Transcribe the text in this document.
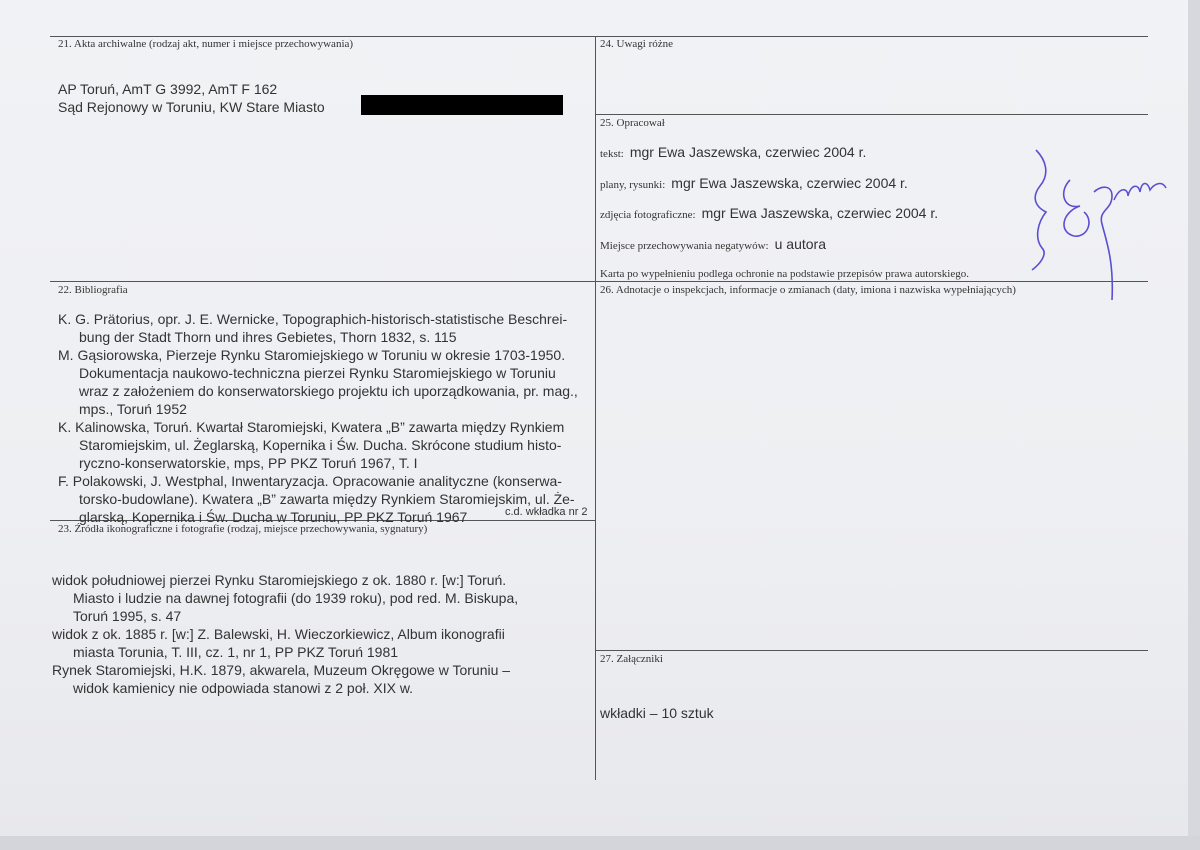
21. Akta archiwalne (rodzaj akt, numer i miejsce przechowywania)
AP Toruń, AmT G 3992, AmT F 162
Sąd Rejonowy w Toruniu, KW Stare Miasto
24. Uwagi różne
25. Opracował
tekst: mgr Ewa Jaszewska, czerwiec 2004 r.
plany, rysunki: mgr Ewa Jaszewska, czerwiec 2004 r.
zdjęcia fotograficzne: mgr Ewa Jaszewska, czerwiec 2004 r.
Miejsce przechowywania negatywów: u autora
Karta po wypełnieniu podlega ochronie na podstawie przepisów prawa autorskiego.
22. Bibliografia

K. G. Prätorius, opr. J. E. Wernicke, Topographich-historisch-statistische Beschrei-
bung der Stadt Thorn und ihres Gebietes, Thorn 1832, s. 115

M. Gąsiorowska, Pierzeje Rynku Staromiejskiego w Toruniu w okresie 1703-1950.
Dokumentacja naukowo-techniczna pierzei Rynku Staromiejskiego w Toruniu
wraz z założeniem do konserwatorskiego projektu ich uporządkowania, pr. mag.,
mps., Toruń 1952

K. Kalinowska, Toruń. Kwartał Staromiejski, Kwatera „B” zawarta między Rynkiem
Staromiejskim, ul. Żeglarską, Kopernika i Św. Ducha. Skrócone studium histo-
ryczno-konserwatorskie, mps, PP PKZ Toruń 1967, T. I

F. Polakowski, J. Westphal, Inwentaryzacja. Opracowanie analityczne (konserwa-
torsko-budowlane). Kwatera „B” zawarta między Rynkiem Staromiejskim, ul. Że-
glarską, Kopernika i Św. Ducha w Toruniu, PP PKZ Toruń 1967	c.d. wkładka nr 2
26. Adnotacje o inspekcjach, informacje o zmianach (daty, imiona i nazwiska wypełniających)
23. Źródła ikonograficzne i fotografie (rodzaj, miejsce przechowywania, sygnatury)

widok południowej pierzei Rynku Staromiejskiego z ok. 1880 r. [w:] Toruń.
Miasto i ludzie na dawnej fotografii (do 1939 roku), pod red. M. Biskupa,
Toruń 1995, s. 47

widok z ok. 1885 r. [w:] Z. Balewski, H. Wieczorkiewicz, Album ikonografii
miasta Torunia, T. III, cz. 1, nr 1, PP PKZ Toruń 1981

Rynek Staromiejski, H.K. 1879, akwarela, Muzeum Okręgowe w Toruniu –
widok kamienicy nie odpowiada stanowi z 2 poł. XIX w.

27. Załączniki
wkładki – 10 sztuk
